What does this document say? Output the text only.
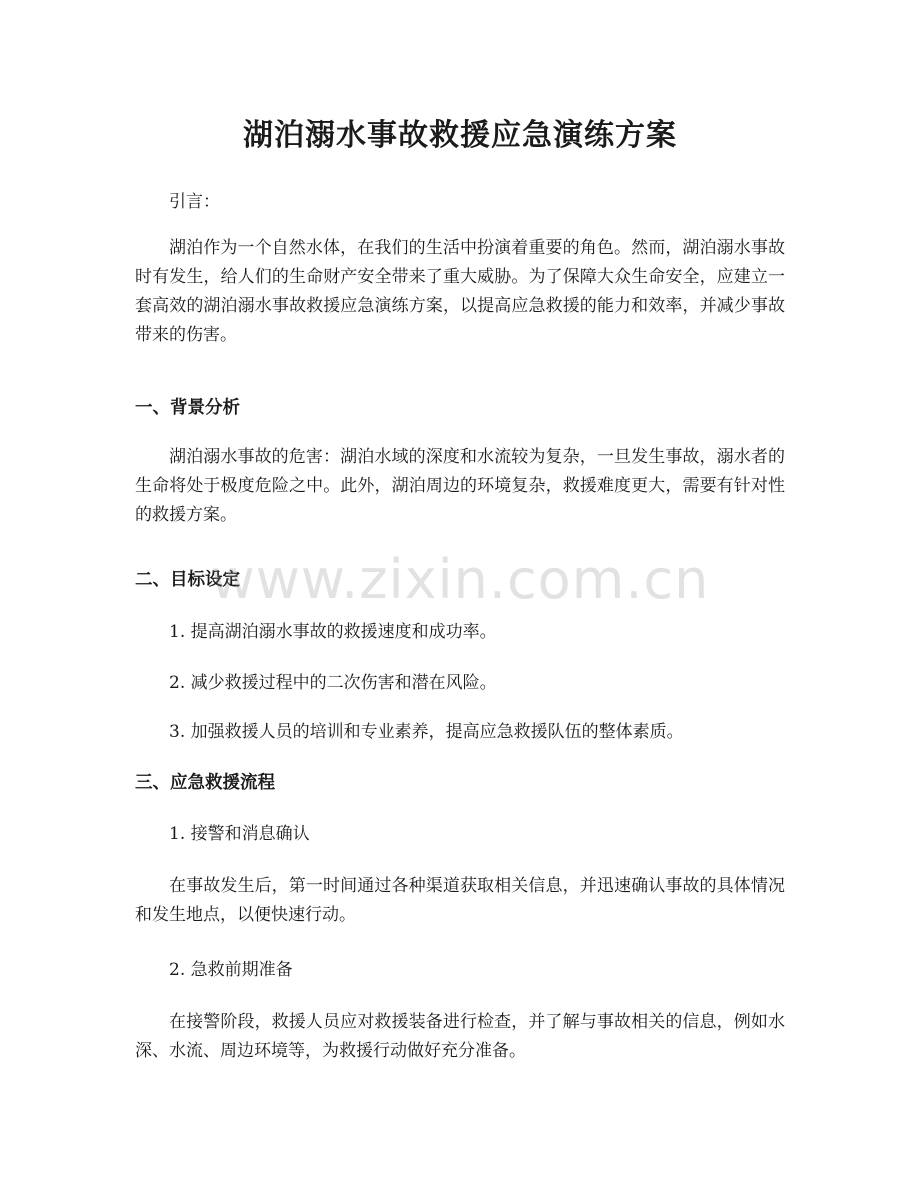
湖泊溺水事故救援应急演练方案

引言：

湖泊作为一个自然水体，在我们的生活中扮演着重要的角色。然而，湖泊溺水事故时有发生，给人们的生命财产安全带来了重大威胁。为了保障大众生命安全，应建立一套高效的湖泊溺水事故救援应急演练方案，以提高应急救援的能力和效率，并减少事故带来的伤害。

一、背景分析

湖泊溺水事故的危害：湖泊水域的深度和水流较为复杂，一旦发生事故，溺水者的生命将处于极度危险之中。此外，湖泊周边的环境复杂，救援难度更大，需要有针对性的救援方案。

二、目标设定

1. 提高湖泊溺水事故的救援速度和成功率。

2. 减少救援过程中的二次伤害和潜在风险。

3. 加强救援人员的培训和专业素养，提高应急救援队伍的整体素质。

三、应急救援流程

1. 接警和消息确认

在事故发生后，第一时间通过各种渠道获取相关信息，并迅速确认事故的具体情况和发生地点，以便快速行动。

2. 急救前期准备

在接警阶段，救援人员应对救援装备进行检查，并了解与事故相关的信息，例如水深、水流、周边环境等，为救援行动做好充分准备。

www.zixin.com.cn
